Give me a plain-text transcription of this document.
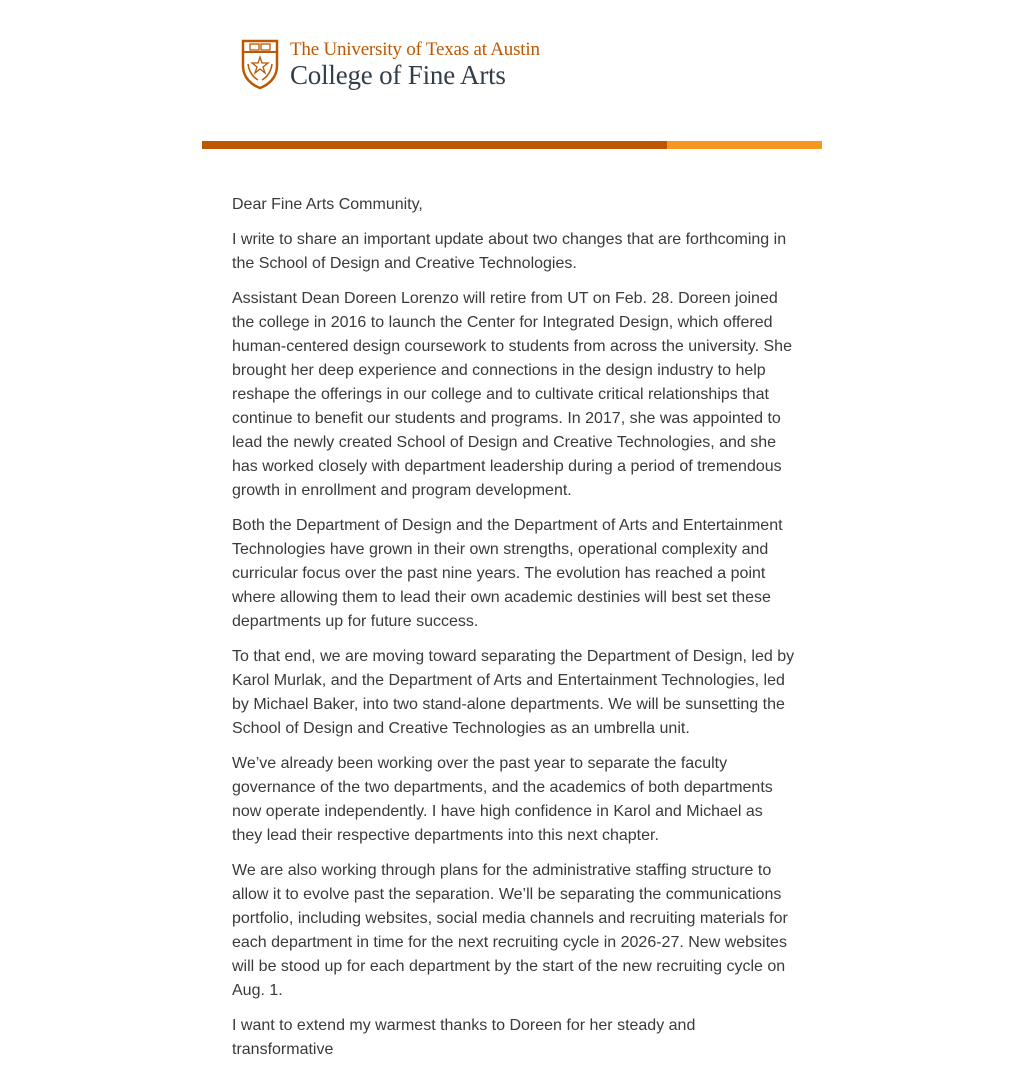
The University of Texas at Austin
College of Fine Arts

Dear Fine Arts Community,

I write to share an important update about two changes that are forthcoming in the School of Design and Creative Technologies.

Assistant Dean Doreen Lorenzo will retire from UT on Feb. 28. Doreen joined the college in 2016 to launch the Center for Integrated Design, which offered human-centered design coursework to students from across the university. She brought her deep experience and connections in the design industry to help reshape the offerings in our college and to cultivate critical relationships that continue to benefit our students and programs. In 2017, she was appointed to lead the newly created School of Design and Creative Technologies, and she has worked closely with department leadership during a period of tremendous growth in enrollment and program development.

Both the Department of Design and the Department of Arts and Entertainment Technologies have grown in their own strengths, operational complexity and curricular focus over the past nine years. The evolution has reached a point where allowing them to lead their own academic destinies will best set these departments up for future success.

To that end, we are moving toward separating the Department of Design, led by Karol Murlak, and the Department of Arts and Entertainment Technologies, led by Michael Baker, into two stand-alone departments. We will be sunsetting the School of Design and Creative Technologies as an umbrella unit.

We’ve already been working over the past year to separate the faculty governance of the two departments, and the academics of both departments now operate independently. I have high confidence in Karol and Michael as they lead their respective departments into this next chapter.

We are also working through plans for the administrative staffing structure to allow it to evolve past the separation. We’ll be separating the communications portfolio, including websites, social media channels and recruiting materials for each department in time for the next recruiting cycle in 2026-27. New websites will be stood up for each department by the start of the new recruiting cycle on Aug. 1.

I want to extend my warmest thanks to Doreen for her steady and transformative
